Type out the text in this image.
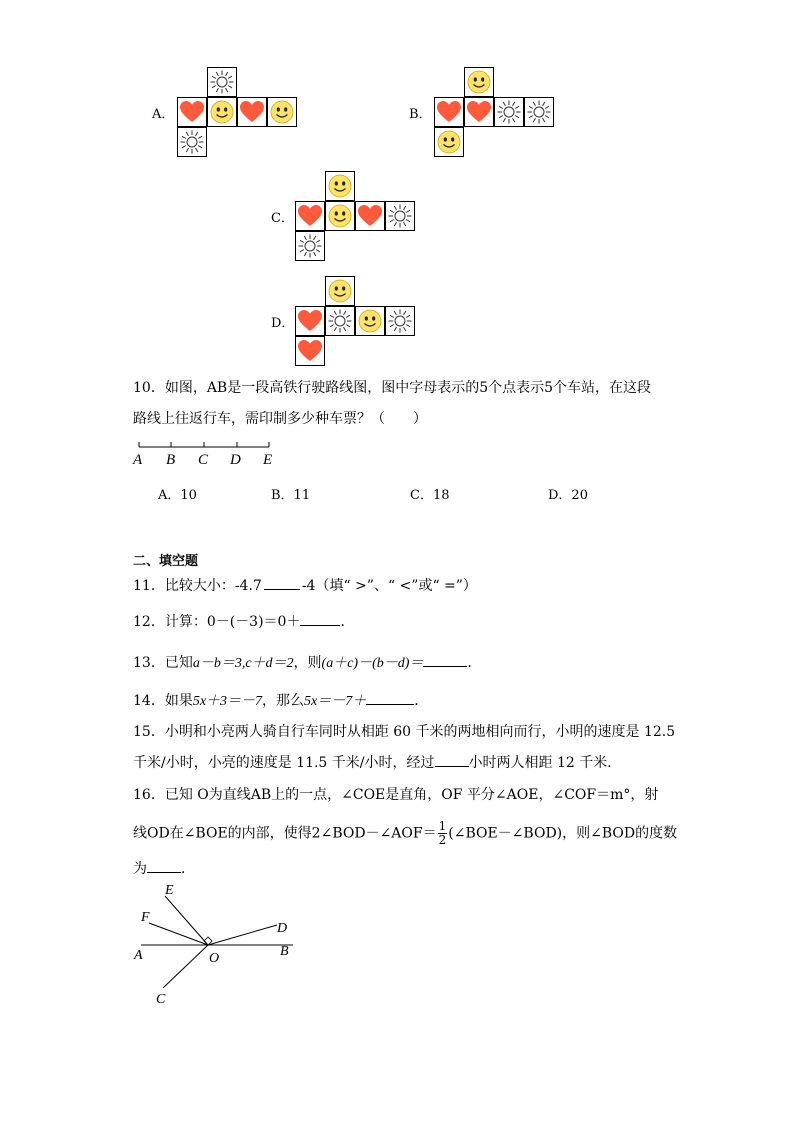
A．	B．
C．
D．
10．如图，AB是一段高铁行驶路线图，图中字母表示的5个点表示5个车站，在这段
路线上往返行车，需印制多少种车票？（　　）
A B C D E
A．10	B．11	C．18	D．20
二、填空题
11．比较大小：-4.7	-4（填“ >”、“ <”或“ =”）
12．计算：0－(－3)＝0＋	．
13．已知a－b＝3,c＋d＝2，则(a＋c)－(b－d)＝	．
14．如果5x＋3＝－7，那么5x＝－7＋	．
15．小明和小亮两人骑自行车同时从相距 60 千米的两地相向而行，小明的速度是 12.5
千米/小时，小亮的速度是 11.5 千米/小时，经过 小时两人相距 12 千米．
16．已知 O为直线AB上的一点，∠COE是直角，OF 平分∠AOE，∠COF＝m°，射
线OD在∠BOE的内部，使得2∠BOD－∠AOF＝ $\frac{1}{2}$ (∠BOE－∠BOD)，则∠BOD的度数
为 ．
E
F
D
A	O	B
C
